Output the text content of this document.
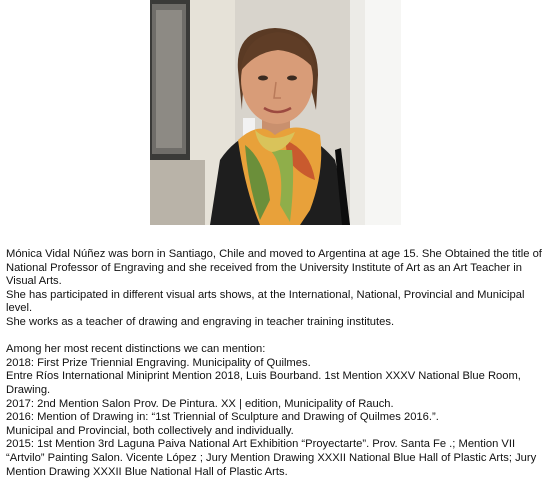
Mónica Vidal Núñez was born in Santiago, Chile and moved to Argentina at age 15. She Obtained the title of National Professor of Engraving and she received from the University Institute of Art as an Art Teacher in Visual Arts.

She has participated in different visual arts shows, at the International, National, Provincial and Municipal level.

She works as a teacher of drawing and engraving in teacher training institutes.

Among her most recent distinctions we can mention:

2018: First Prize Triennial Engraving. Municipality of Quilmes.

Entre Ríos International Miniprint Mention 2018, Luis Bourband. 1st Mention XXXV National Blue Room, Drawing.

2017: 2nd Mention Salon Prov. De Pintura. XX | edition, Municipality of Rauch.

2016: Mention of Drawing in: “1st Triennial of Sculpture and Drawing of Quilmes 2016.”.

Municipal and Provincial, both collectively and individually.

2015: 1st Mention 3rd Laguna Paiva National Art Exhibition “Proyectarte”. Prov. Santa Fe .; Mention VII “Artvilo” Painting Salon. Vicente López ; Jury Mention Drawing XXXII National Blue Hall of Plastic Arts; Jury Mention Drawing XXXII Blue National Hall of Plastic Arts.
